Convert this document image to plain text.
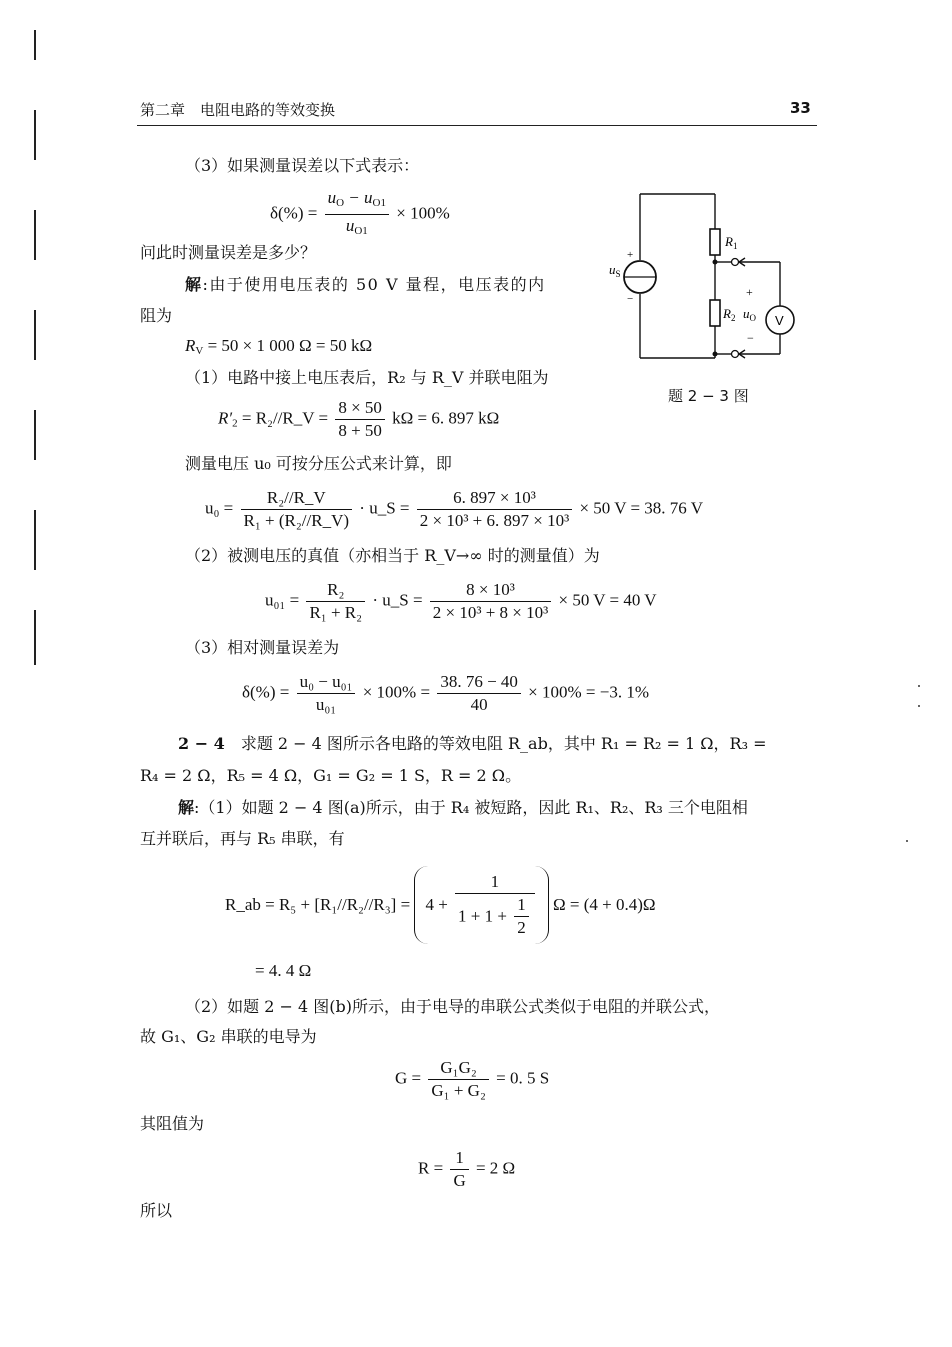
第二章　电阻电路的等效变换	33
（3）如果测量误差以下式表示：
$\delta(\%) = \frac{u_O - u_{O1}}{u_{O1}} \times 100\%$
问此时测量误差是多少？
解:由于使用电压表的 50 V 量程，电压表的内
阻为
$R_V = 50 \times 1$ 000 Ω = 50 kΩ
（1）电路中接上电压表后，R₂ 与 R_V 并联电阻为
$R'_2$ = R₂//R_V = $\frac{8 \times 50}{8 + 50}$ kΩ = 6. 897 kΩ
测量电压 u₀ 可按分压公式来计算，即
$u_0 = \frac{\text{R₂//R\_V}}{\text{R₁ + (R₂//R\_V)}}$ · u_S = $\frac{\text{6. 897 × 10³}}{\text{2 × 10³ + 6. 897 × 10³}} \times 50$ V = 38. 76 V
（2）被测电压的真值（亦相当于 R_V→∞ 时的测量值）为
$u_{01} = \frac{\text{R₂}}{\text{R₁ + R₂}}$ · u_S = $\frac{\text{8 × 10³}}{\text{2 × 10³ + 8 × 10³}} \times 50$ V = 40 V
（3）相对测量误差为
$\delta(\%) = \frac{\text{u₀ − u₀₁}}{\text{u₀₁}} \times 100\% = \frac{38. 76 - 40}{40} \times 100\% = -3$. 1%
2 − 4　求题 2 − 4 图所示各电路的等效电阻 R_ab，其中 R₁ = R₂ = 1 Ω，R₃ =
R₄ = 2 Ω，R₅ = 4 Ω，G₁ = G₂ = 1 S，R = 2 Ω。
解:（1）如题 2 − 4 图(a)所示，由于 R₄ 被短路，因此 R₁、R₂、R₃ 三个电阻相
互并联后，再与 R₅ 串联，有
R_ab = $R_5 + [R_1//R_2//R_3] = 4 + \frac{1}{1 + 1 + \frac{1}{2}}$ Ω = (4 + 0.4)Ω
= 4. 4 Ω
（2）如题 2 − 4 图(b)所示，由于电导的串联公式类似于电阻的并联公式，
故 G₁、G₂ 串联的电导为
$G = \frac{\text{G₁G₂}}{\text{G₁ + G₂}} = 0$. 5 S
其阻值为
$R = \frac{1}{G} = 2$ Ω
所以
+
−
$u_S$
$R_1$
$R_2$ $u_O$
+
−
V
题 2 − 3 图
